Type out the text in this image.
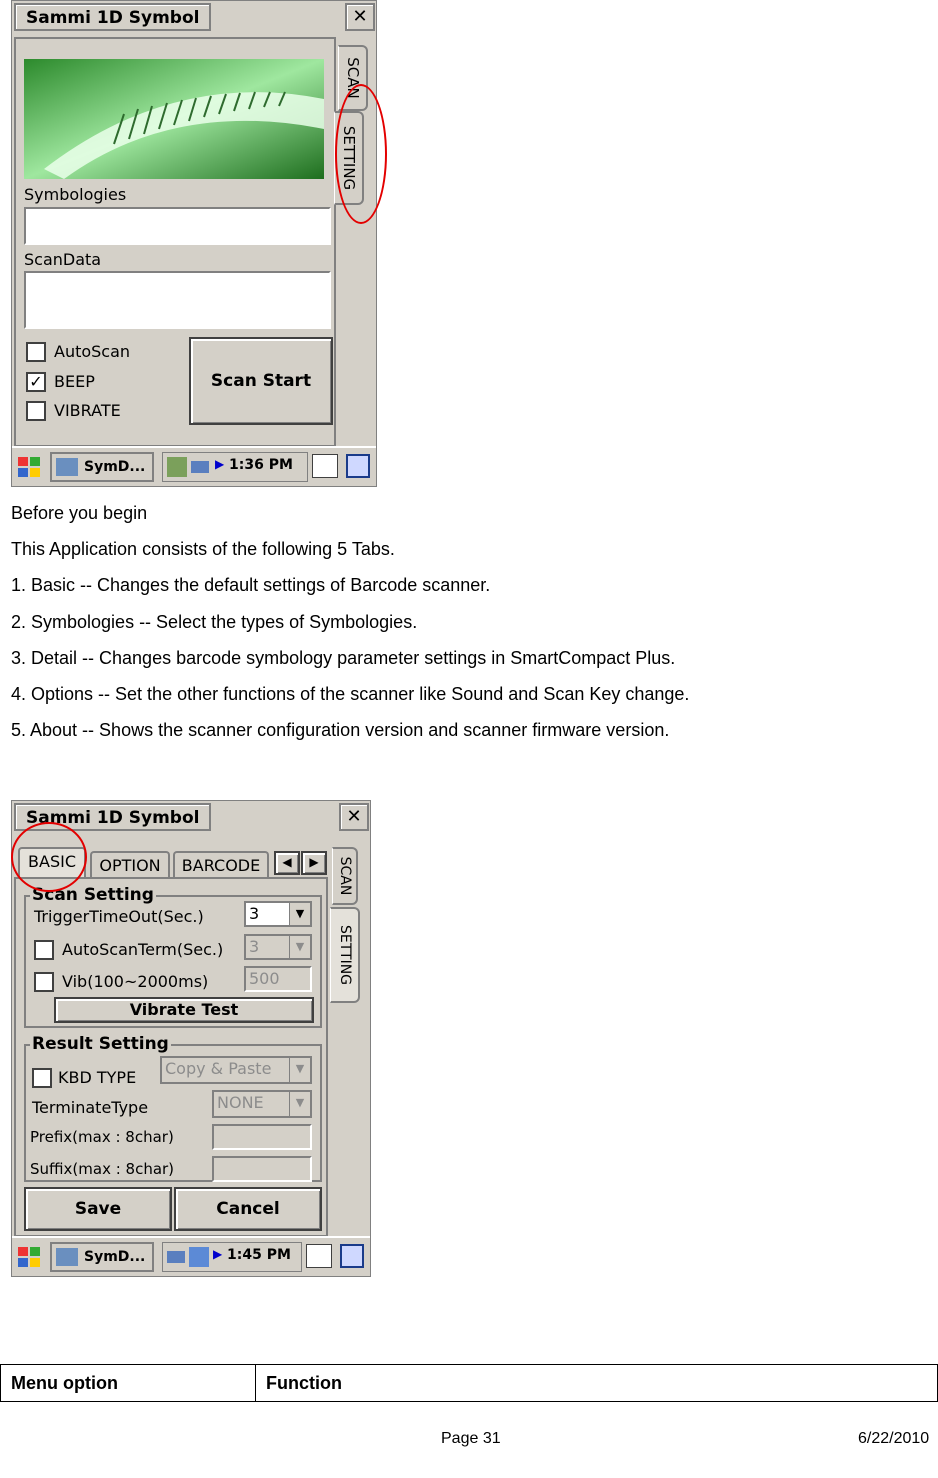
Sammi 1D Symbol	✕
Symbologies
ScanData
AutoScan
✓ BEEP
VIBRATE
Scan Start
SCAN
SETTING
SymD...	▶ 1:36 PM
Before you begin
This Application consists of the following 5 Tabs.
1. Basic -- Changes the default settings of Barcode scanner.
2. Symbologies -- Select the types of Symbologies.
3. Detail -- Changes barcode symbology parameter settings in SmartCompact Plus.
4. Options -- Set the other functions of the scanner like Sound and Scan Key change.
5. About -- Shows the scanner configuration version and scanner firmware version.
Sammi 1D Symbol	✕
BASIC	OPTION	BARCODE	◀	▶	SCAN
SETTING
Scan Setting
TriggerTimeOut(Sec.)	3	▼
AutoScanTerm(Sec.)	3	▼
Vib(100~2000ms)	500
Vibrate Test
Result Setting
KBD TYPE	Copy & Paste	▼
TerminateType	NONE	▼
Prefix(max : 8char)
Suffix(max : 8char)
Save	Cancel
SymD...	▶ 1:45 PM
Menu option	Function
Page 31	6/22/2010
